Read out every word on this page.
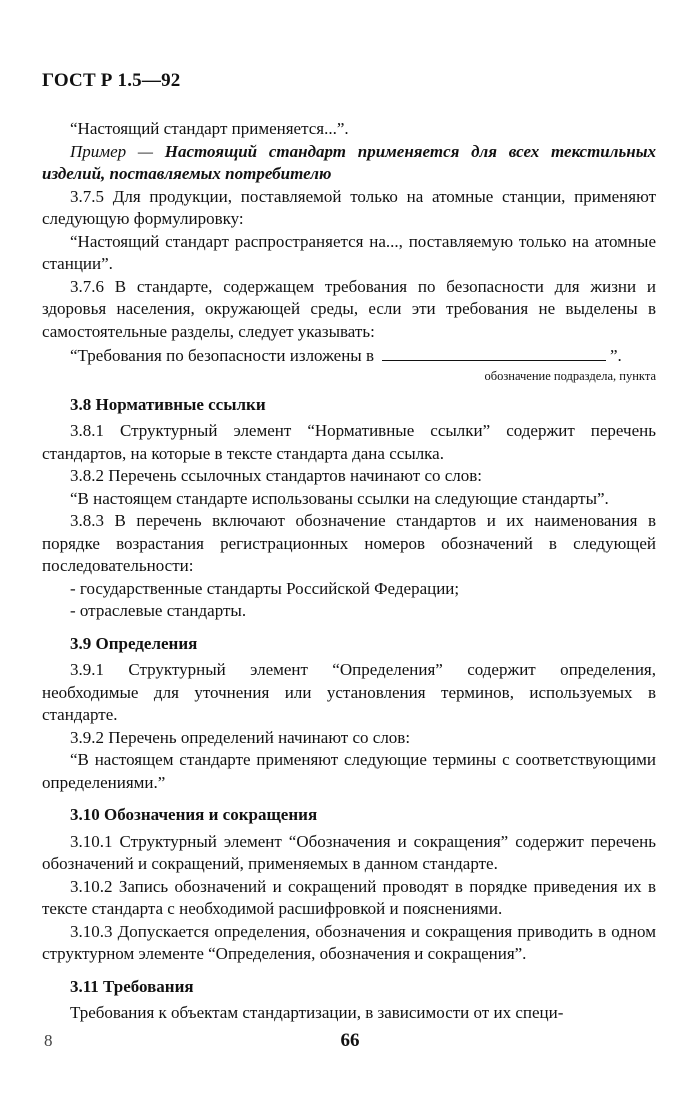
ГОСТ Р 1.5—92

“Настоящий стандарт применяется...”.

Пример — Настоящий стандарт применяется для всех текстильных изделий, поставляемых потребителю

3.7.5 Для продукции, поставляемой только на атомные станции, применяют следующую формулировку:

“Настоящий стандарт распространяется на..., поставляемую только на атомные станции”.

3.7.6 В стандарте, содержащем требования по безопасности для жизни и здоровья населения, окружающей среды, если эти требования не выделены в самостоятельные разделы, следует указывать:

“Требования по безопасности изложены в	”.

обозначение подраздела, пункта

3.8 Нормативные ссылки

3.8.1 Структурный элемент “Нормативные ссылки” содержит перечень стандартов, на которые в тексте стандарта дана ссылка.

3.8.2 Перечень ссылочных стандартов начинают со слов:

“В настоящем стандарте использованы ссылки на следующие стандарты”.

3.8.3 В перечень включают обозначение стандартов и их наименования в порядке возрастания регистрационных номеров обозначений в следующей последовательности:

- государственные стандарты Российской Федерации;

- отраслевые стандарты.

3.9 Определения

3.9.1 Структурный элемент “Определения” содержит определения, необходимые для уточнения или установления терминов, используемых в стандарте.

3.9.2 Перечень определений начинают со слов:

“В настоящем стандарте применяют следующие термины с соответствующими определениями.”

3.10 Обозначения и сокращения

3.10.1 Структурный элемент “Обозначения и сокращения” содержит перечень обозначений и сокращений, применяемых в данном стандарте.

3.10.2 Запись обозначений и сокращений проводят в порядке приведения их в тексте стандарта с необходимой расшифровкой и пояснениями.

3.10.3 Допускается определения, обозначения и сокращения приводить в одном структурном элементе “Определения, обозначения и сокращения”.

3.11 Требования

Требования к объектам стандартизации, в зависимости от их специ-

8	66
